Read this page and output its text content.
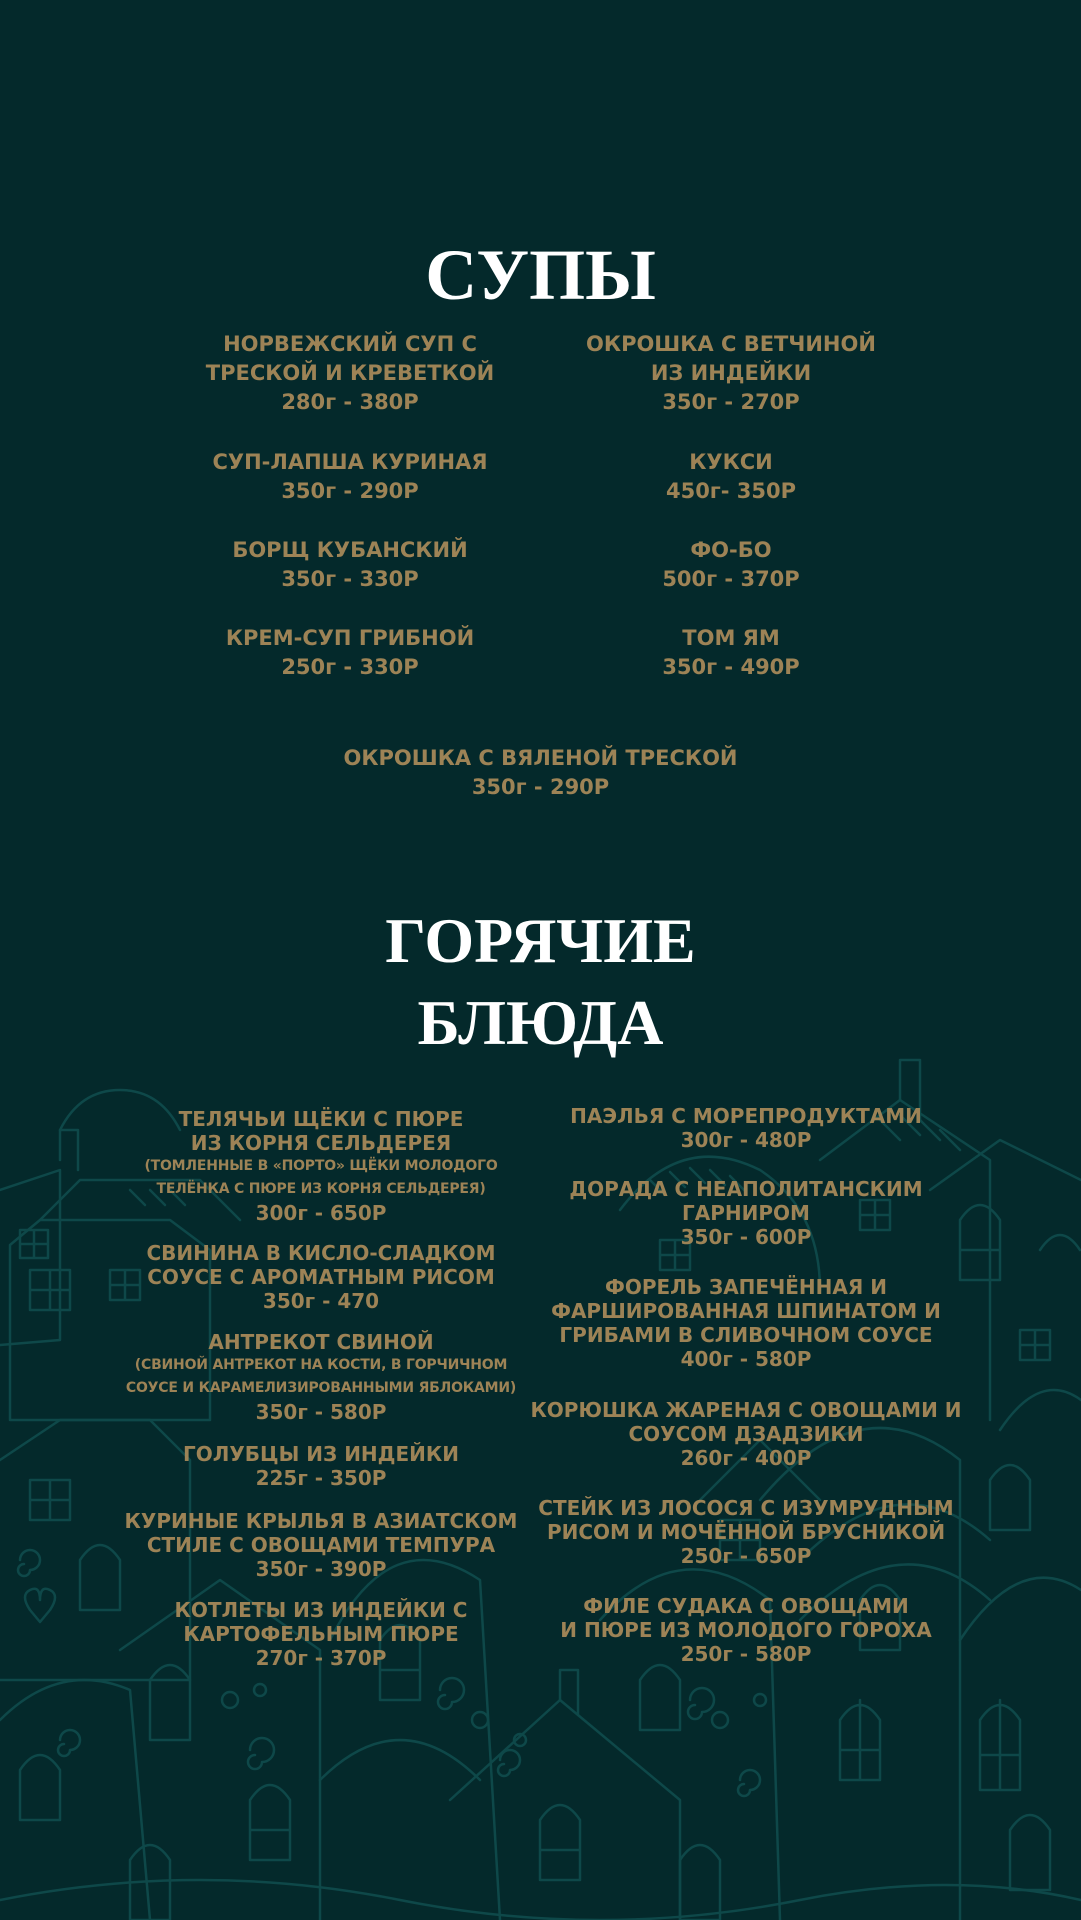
СУПЫ
НОРВЕЖСКИЙ СУП С
ТРЕСКОЙ И КРЕВЕТКОЙ
280г - 380Р
ОКРОШКА С ВЕТЧИНОЙ
ИЗ ИНДЕЙКИ
350г - 270Р
СУП-ЛАПША КУРИНАЯ
350г - 290Р
КУКСИ
450г- 350Р
БОРЩ КУБАНСКИЙ
350г - 330Р
ФО-БО
500г - 370Р
КРЕМ-СУП ГРИБНОЙ
250г - 330Р
ТОМ ЯМ
350г - 490Р
ОКРОШКА С ВЯЛЕНОЙ ТРЕСКОЙ
350г - 290Р
ГОРЯЧИЕ
БЛЮДА
ТЕЛЯЧЬИ ЩЁКИ С ПЮРЕ
ИЗ КОРНЯ СЕЛЬДЕРЕЯ
(ТОМЛЕННЫЕ В «ПОРТО» ЩЁКИ МОЛОДОГО
ТЕЛЁНКА С ПЮРЕ ИЗ КОРНЯ СЕЛЬДЕРЕЯ)
300г - 650Р
СВИНИНА В КИСЛО-СЛАДКОМ
СОУСЕ С АРОМАТНЫМ РИСОМ
350г - 470
АНТРЕКОТ СВИНОЙ
(СВИНОЙ АНТРЕКОТ НА КОСТИ, В ГОРЧИЧНОМ
СОУСЕ И КАРАМЕЛИЗИРОВАННЫМИ ЯБЛОКАМИ)
350г - 580Р
ГОЛУБЦЫ ИЗ ИНДЕЙКИ
225г - 350Р
КУРИНЫЕ КРЫЛЬЯ В АЗИАТСКОМ
СТИЛЕ С ОВОЩАМИ ТЕМПУРА
350г - 390Р
КОТЛЕТЫ ИЗ ИНДЕЙКИ С
КАРТОФЕЛЬНЫМ ПЮРЕ
270г - 370Р
ПАЭЛЬЯ С МОРЕПРОДУКТАМИ
300г - 480Р
ДОРАДА С НЕАПОЛИТАНСКИМ
ГАРНИРОМ
350г - 600Р
ФОРЕЛЬ ЗАПЕЧЁННАЯ И
ФАРШИРОВАННАЯ ШПИНАТОМ И
ГРИБАМИ В СЛИВОЧНОМ СОУСЕ
400г - 580Р
КОРЮШКА ЖАРЕНАЯ С ОВОЩАМИ И
СОУСОМ ДЗАДЗИКИ
260г - 400Р
СТЕЙК ИЗ ЛОСОСЯ С ИЗУМРУДНЫМ
РИСОМ И МОЧЁННОЙ БРУСНИКОЙ
250г - 650Р
ФИЛЕ СУДАКА С ОВОЩАМИ
И ПЮРЕ ИЗ МОЛОДОГО ГОРОХА
250г - 580Р
